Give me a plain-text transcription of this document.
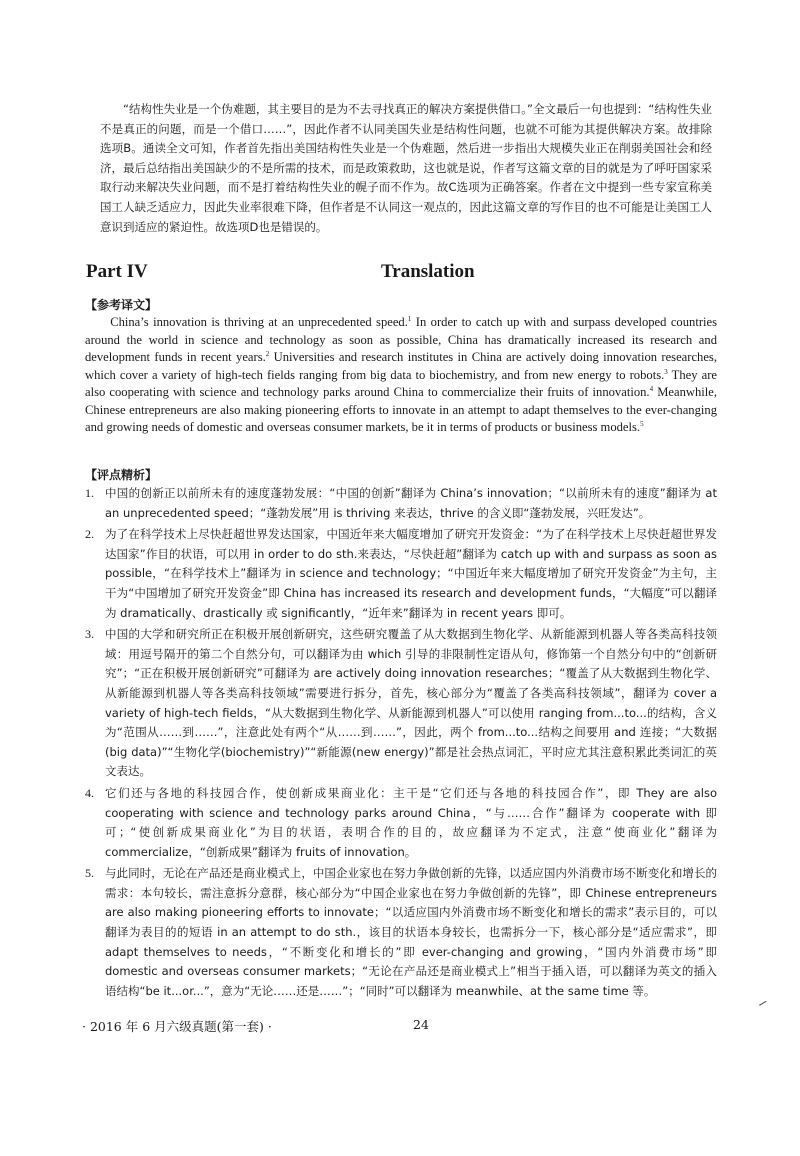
“结构性失业是一个伪难题，其主要目的是为不去寻找真正的解决方案提供借口。”全文最后一句也提到：“结构性失业不是真正的问题，而是一个借口……”，因此作者不认同美国失业是结构性问题，也就不可能为其提供解决方案。故排除选项B。通读全文可知，作者首先指出美国结构性失业是一个伪难题，然后进一步指出大规模失业正在削弱美国社会和经济，最后总结指出美国缺少的不是所需的技术，而是政策救助，这也就是说，作者写这篇文章的目的就是为了呼吁国家采取行动来解决失业问题，而不是打着结构性失业的幌子而不作为。故C选项为正确答案。作者在文中提到一些专家宣称美国工人缺乏适应力，因此失业率很难下降，但作者是不认同这一观点的，因此这篇文章的写作目的也不可能是让美国工人意识到适应的紧迫性。故选项D也是错误的。

Part IV	Translation
【参考译文】

China’s innovation is thriving at an unprecedented speed.$^1$ In order to catch up with and surpass developed countries around the world in science and technology as soon as possible, China has dramatically increased its research and development funds in recent years.$^2$ Universities and research institutes in China are actively doing innovation researches, which cover a variety of high-tech fields ranging from big data to biochemistry, and from new energy to robots.$^3$ They are also cooperating with science and technology parks around China to commercialize their fruits of innovation.$^4$ Meanwhile, Chinese entrepreneurs are also making pioneering efforts to innovate in an attempt to adapt themselves to the ever-changing and growing needs of domestic and overseas consumer markets, be it in terms of products or business models.$^5$

【评点精析】
1. 中国的创新正以前所未有的速度蓬勃发展：“中国的创新”翻译为 China’s innovation；“以前所未有的速度”翻译为 at an unprecedented speed；“蓬勃发展”用 is thriving 来表达，thrive 的含义即“蓬勃发展，兴旺发达”。

2. 为了在科学技术上尽快赶超世界发达国家，中国近年来大幅度增加了研究开发资金：“为了在科学技术上尽快赶超世界发达国家”作目的状语，可以用 in order to do sth.来表达，“尽快赶超”翻译为 catch up with and surpass as soon as possible，“在科学技术上”翻译为 in science and technology；“中国近年来大幅度增加了研究开发资金”为主句，主干为“中国增加了研究开发资金”即 China has increased its research and development funds，“大幅度”可以翻译为 dramatically、drastically 或 significantly，“近年来”翻译为 in recent years 即可。

3. 中国的大学和研究所正在积极开展创新研究，这些研究覆盖了从大数据到生物化学、从新能源到机器人等各类高科技领域：用逗号隔开的第二个自然分句，可以翻译为由 which 引导的非限制性定语从句，修饰第一个自然分句中的“创新研究”；“正在积极开展创新研究”可翻译为 are actively doing innovation researches；“覆盖了从大数据到生物化学、从新能源到机器人等各类高科技领域”需要进行拆分，首先，核心部分为“覆盖了各类高科技领域”，翻译为 cover a variety of high-tech fields，“从大数据到生物化学、从新能源到机器人”可以使用 ranging from...to...的结构，含义为“范围从……到……”，注意此处有两个“从……到……”，因此，两个 from...to...结构之间要用 and 连接；“大数据(big data)”“生物化学(biochemistry)”“新能源(new energy)”都是社会热点词汇，平时应尤其注意积累此类词汇的英文表达。

4. 它们还与各地的科技园合作，使创新成果商业化：主干是“它们还与各地的科技园合作”，即 They are also cooperating with science and technology parks around China，“与……合作”翻译为 cooperate with 即可；“使创新成果商业化”为目的状语，表明合作的目的，故应翻译为不定式，注意“使商业化”翻译为 commercialize，“创新成果”翻译为 fruits of innovation。

5. 与此同时，无论在产品还是商业模式上，中国企业家也在努力争做创新的先锋，以适应国内外消费市场不断变化和增长的需求：本句较长，需注意拆分意群，核心部分为“中国企业家也在努力争做创新的先锋”，即 Chinese entrepreneurs are also making pioneering efforts to innovate；“以适应国内外消费市场不断变化和增长的需求”表示目的，可以翻译为表目的的短语 in an attempt to do sth.，该目的状语本身较长，也需拆分一下，核心部分是“适应需求”，即 adapt themselves to needs，“不断变化和增长的”即 ever-changing and growing，“国内外消费市场”即 domestic and overseas consumer markets；“无论在产品还是商业模式上”相当于插入语，可以翻译为英文的插入语结构“be it...or...”，意为“无论……还是……”；“同时”可以翻译为 meanwhile、at the same time 等。

· 2016 年 6 月六级真题(第一套) ·	24
